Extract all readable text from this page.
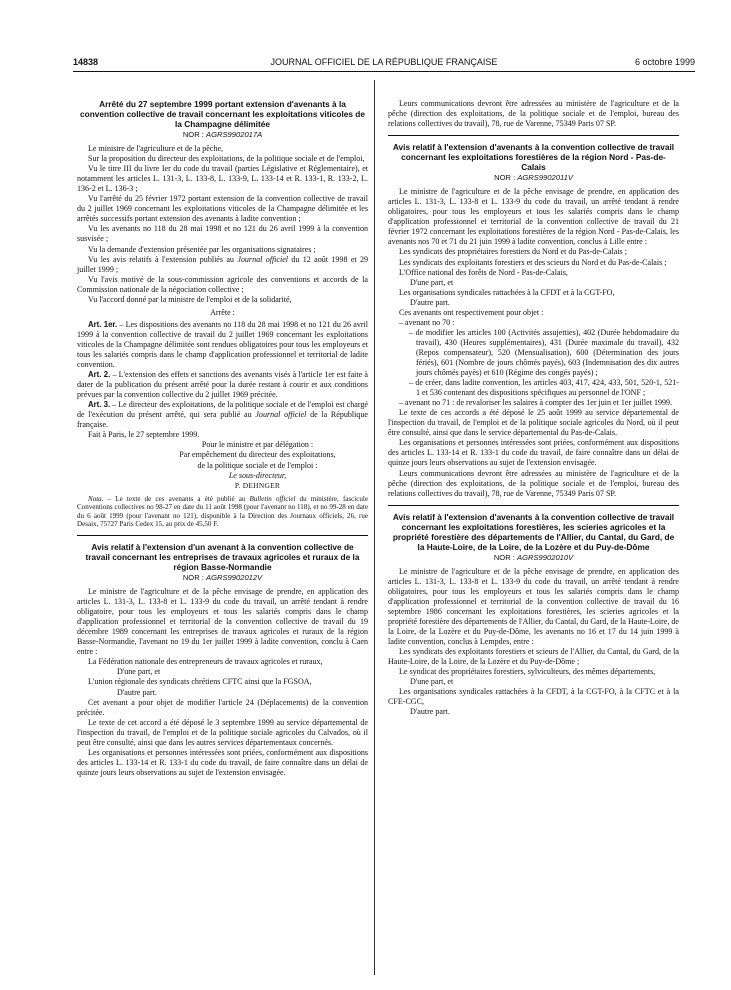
14838	JOURNAL OFFICIEL DE LA RÉPUBLIQUE FRANÇAISE	6 octobre 1999

Arrêté du 27 septembre 1999 portant extension d'avenants à la convention collective de travail concernant les exploitations viticoles de la Champagne délimitée

NOR : AGRS9902017A

Le ministre de l'agriculture et de la pêche,

Sur la proposition du directeur des exploitations, de la politique sociale et de l'emploi,

Vu le titre III du livre Ier du code du travail (parties Législative et Réglementaire), et notamment les articles L. 131-3, L. 133-8, L. 133-9, L. 133-14 et R. 133-1, R. 133-2, L. 136-2 et L. 136-3 ;

Vu l'arrêté du 25 février 1972 portant extension de la convention collective de travail du 2 juillet 1969 concernant les exploitations viticoles de la Champagne délimitée et les arrêtés successifs portant extension des avenants à ladite convention ;

Vu les avenants no 118 du 28 mai 1998 et no 121 du 26 avril 1999 à la convention susvisée ;

Vu la demande d'extension présentée par les organisations signataires ;

Vu les avis relatifs à l'extension publiés au Journal officiel du 12 août 1998 et 29 juillet 1999 ;

Vu l'avis motivé de la sous-commission agricole des conventions et accords de la Commission nationale de la négociation collective ;

Vu l'accord donné par la ministre de l'emploi et de la solidarité,

Arrête :

Art. 1er. – Les dispositions des avenants no 118 du 28 mai 1998 et no 121 du 26 avril 1999 à la convention collective de travail du 2 juillet 1969 concernant les exploitations viticoles de la Champagne délimitée sont rendues obligatoires pour tous les employeurs et tous les salariés compris dans le champ d'application professionnel et territorial de ladite convention.

Art. 2. – L'extension des effets et sanctions des avenants visés à l'article 1er est faite à dater de la publication du présent arrêté pour la durée restant à courir et aux conditions prévues par la convention collective du 2 juillet 1969 précitée.

Art. 3. – Le directeur des exploitations, de la politique sociale et de l'emploi est chargé de l'exécution du présent arrêté, qui sera publié au Journal officiel de la République française.

Fait à Paris, le 27 septembre 1999.

Pour le ministre et par délégation :

Par empêchement du directeur des exploitations,

de la politique sociale et de l'emploi :

Le sous-directeur,

P. DEHNGER

Nota. – Le texte de ces avenants a été publié au Bulletin officiel du ministère, fascicule Conventions collectives no 98-27 en date du 11 août 1998 (pour l'avenant no 118), et no 99-28 en date du 6 août 1999 (pour l'avenant no 121), disponible à la Direction des Journaux officiels, 26, rue Desaix, 75727 Paris Cedex 15, au prix de 45,50 F.

Avis relatif à l'extension d'un avenant à la convention collective de travail concernant les entreprises de travaux agricoles et ruraux de la région Basse-Normandie

NOR : AGRS9902012V

Le ministre de l'agriculture et de la pêche envisage de prendre, en application des articles L. 131-3, L. 133-8 et L. 133-9 du code du travail, un arrêté tendant à rendre obligatoire, pour tous les employeurs et tous les salariés compris dans le champ d'application professionnel et territorial de la convention collective de travail du 19 décembre 1989 concernant les entreprises de travaux agricoles et ruraux de la région Basse-Normandie, l'avenant no 19 du 1er juillet 1999 à ladite convention, conclu à Caen entre :

La Fédération nationale des entrepreneurs de travaux agricoles et ruraux,

D'une part, et

L'union régionale des syndicats chrétiens CFTC ainsi que la FGSOA,

D'autre part.

Cet avenant a pour objet de modifier l'article 24 (Déplacements) de la convention précitée.

Le texte de cet accord a été déposé le 3 septembre 1999 au service départemental de l'inspection du travail, de l'emploi et de la politique sociale agricoles du Calvados, où il peut être consulté, ainsi que dans les autres services départementaux concernés.

Les organisations et personnes intéressées sont priées, conformément aux dispositions des articles L. 133-14 et R. 133-1 du code du travail, de faire connaître dans un délai de quinze jours leurs observations au sujet de l'extension envisagée.

Leurs communications devront être adressées au ministère de l'agriculture et de la pêche (direction des exploitations, de la politique sociale et de l'emploi, bureau des relations collectives du travail), 78, rue de Varenne, 75349 Paris 07 SP.

Avis relatif à l'extension d'avenants à la convention collective de travail concernant les exploitations forestières de la région Nord - Pas-de-Calais

NOR : AGRS9902011V

Le ministre de l'agriculture et de la pêche envisage de prendre, en application des articles L. 131-3, L. 133-8 et L. 133-9 du code du travail, un arrêté tendant à rendre obligatoires, pour tous les employeurs et tous les salariés compris dans le champ d'application professionnel et territorial de la convention collective de travail du 21 février 1972 concernant les exploitations forestières de la région Nord - Pas-de-Calais, les avenants nos 70 et 71 du 21 juin 1999 à ladite convention, conclus à Lille entre :

Les syndicats des propriétaires forestiers du Nord et du Pas-de-Calais ;

Les syndicats des exploitants forestiers et des scieurs du Nord et du Pas-de-Calais ;

L'Office national des forêts de Nord - Pas-de-Calais,

D'une part, et

Les organisations syndicales rattachées à la CFDT et à la CGT-FO,

D'autre part.

Ces avenants ont respectivement pour objet :

– avenant no 70 :

– de modifier les articles 100 (Activités assujetties), 402 (Durée hebdomadaire du travail), 430 (Heures supplémentaires), 431 (Durée maximale du travail), 432 (Repos compensateur), 520 (Mensualisation), 600 (Détermination des jours fériés), 601 (Nombre de jours chômés payés), 603 (Indemnisation des dix autres jours chômés payés) et 610 (Régime des congés payés) ;

– de créer, dans ladite convention, les articles 403, 417, 424, 433, 501, 520-1, 521-1 et 536 contenant des dispositions spécifiques au personnel de l'ONF ;

– avenant no 71 : de revaloriser les salaires à compter des 1er juin et 1er juillet 1999.

Le texte de ces accords a été déposé le 25 août 1999 au service départemental de l'inspection du travail, de l'emploi et de la politique sociale agricoles du Nord, où il peut être consulté, ainsi que dans le service départemental du Pas-de-Calais.

Les organisations et personnes intéressées sont priées, conformément aux dispositions des articles L. 133-14 et R. 133-1 du code du travail, de faire connaître dans un délai de quinze jours leurs observations au sujet de l'extension envisagée.

Leurs communications devront être adressées au ministère de l'agriculture et de la pêche (direction des exploitations, de la politique sociale et de l'emploi, bureau des relations collectives du travail), 78, rue de Varenne, 75349 Paris 07 SP.

Avis relatif à l'extension d'avenants à la convention collective de travail concernant les exploitations forestières, les scieries agricoles et la propriété forestière des départements de l'Allier, du Cantal, du Gard, de la Haute-Loire, de la Loire, de la Lozère et du Puy-de-Dôme

NOR : AGRS9902010V

Le ministre de l'agriculture et de la pêche envisage de prendre, en application des articles L. 131-3, L. 133-8 et L. 133-9 du code du travail, un arrêté tendant à rendre obligatoires, pour tous les employeurs et tous les salariés compris dans le champ d'application professionnel et territorial de la convention collective de travail du 16 septembre 1986 concernant les exploitations forestières, les scieries agricoles et la propriété forestière des départements de l'Allier, du Cantal, du Gard, de la Haute-Loire, de la Loire, de la Lozère et du Puy-de-Dôme, les avenants no 16 et 17 du 14 juin 1999 à ladite convention, conclus à Lempdes, entre :

Les syndicats des exploitants forestiers et scieurs de l'Allier, du Cantal, du Gard, de la Haute-Loire, de la Loire, de la Lozère et du Puy-de-Dôme ;

Le syndicat des propriétaires forestiers, sylviculteurs, des mêmes départements,

D'une part, et

Les organisations syndicales rattachées à la CFDT, à la CGT-FO, à la CFTC et à la CFE-CGC,

D'autre part.
